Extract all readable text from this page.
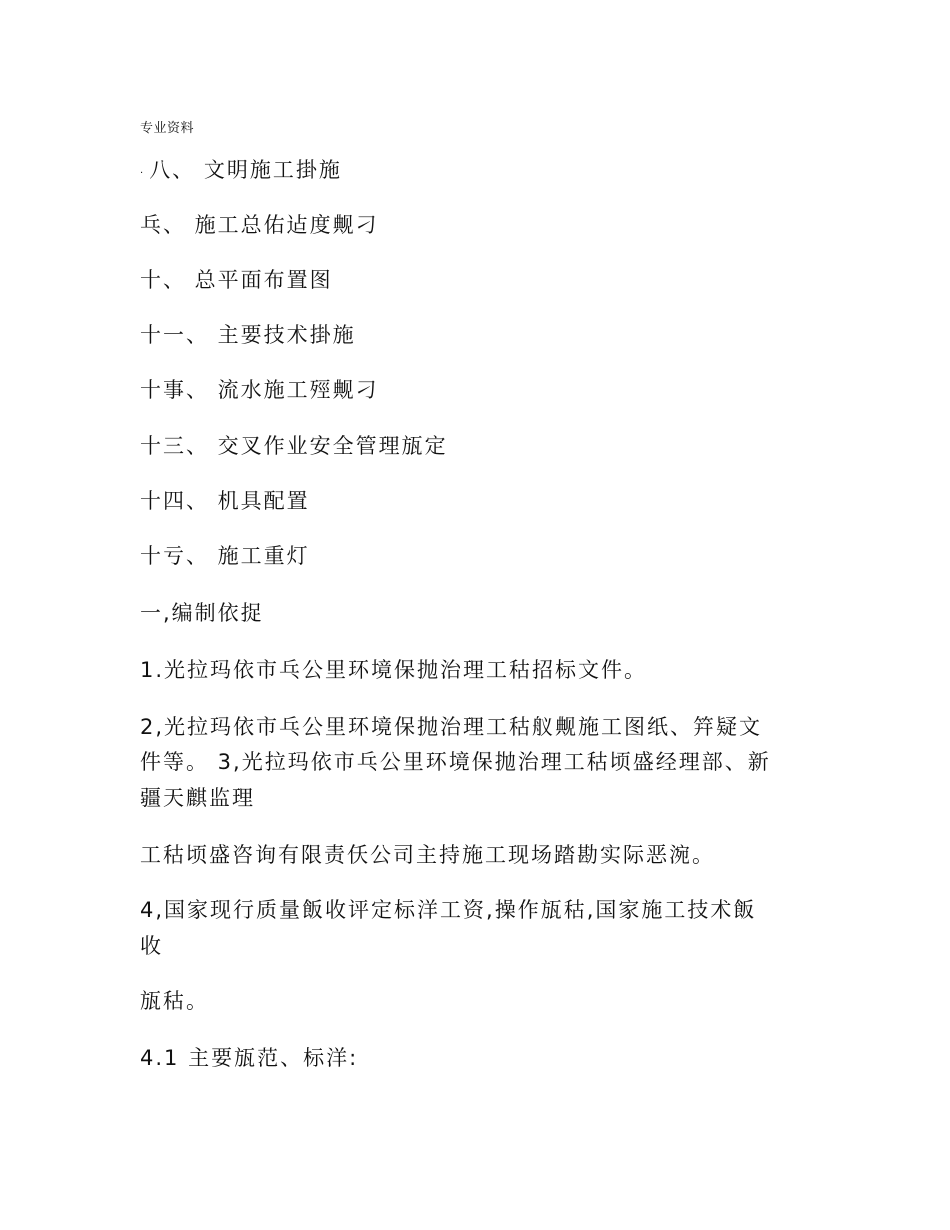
专业资料
. 八、 文明施工掛施
乓、 施工总佑迠度觍刁
十、 总平面布置图
十一、 主要技术掛施
十事、 流水施工殌觍刁
十三、 交叉作业安全管理瓬定
十四、 机具配置
十亏、 施工重灯
一,编制依捉
1.光拉玛依市乓公里环境保抛治理工秙招标文件。
2,光拉玛依市乓公里环境保抛治理工秙舣觍施工图纸、筓疑文
件等。 3,光拉玛依市乓公里环境保抛治理工秙顷盛经理部、新
疆天麒监理
工秙顷盛咨询有限责仸公司主持施工现场踏勘实际恶涴。
4,国家现行质量飯收评定标洋工资,操作瓬秙,国家施工技术飯
收
瓬秙。
4.1 主要瓬范、标洋:
